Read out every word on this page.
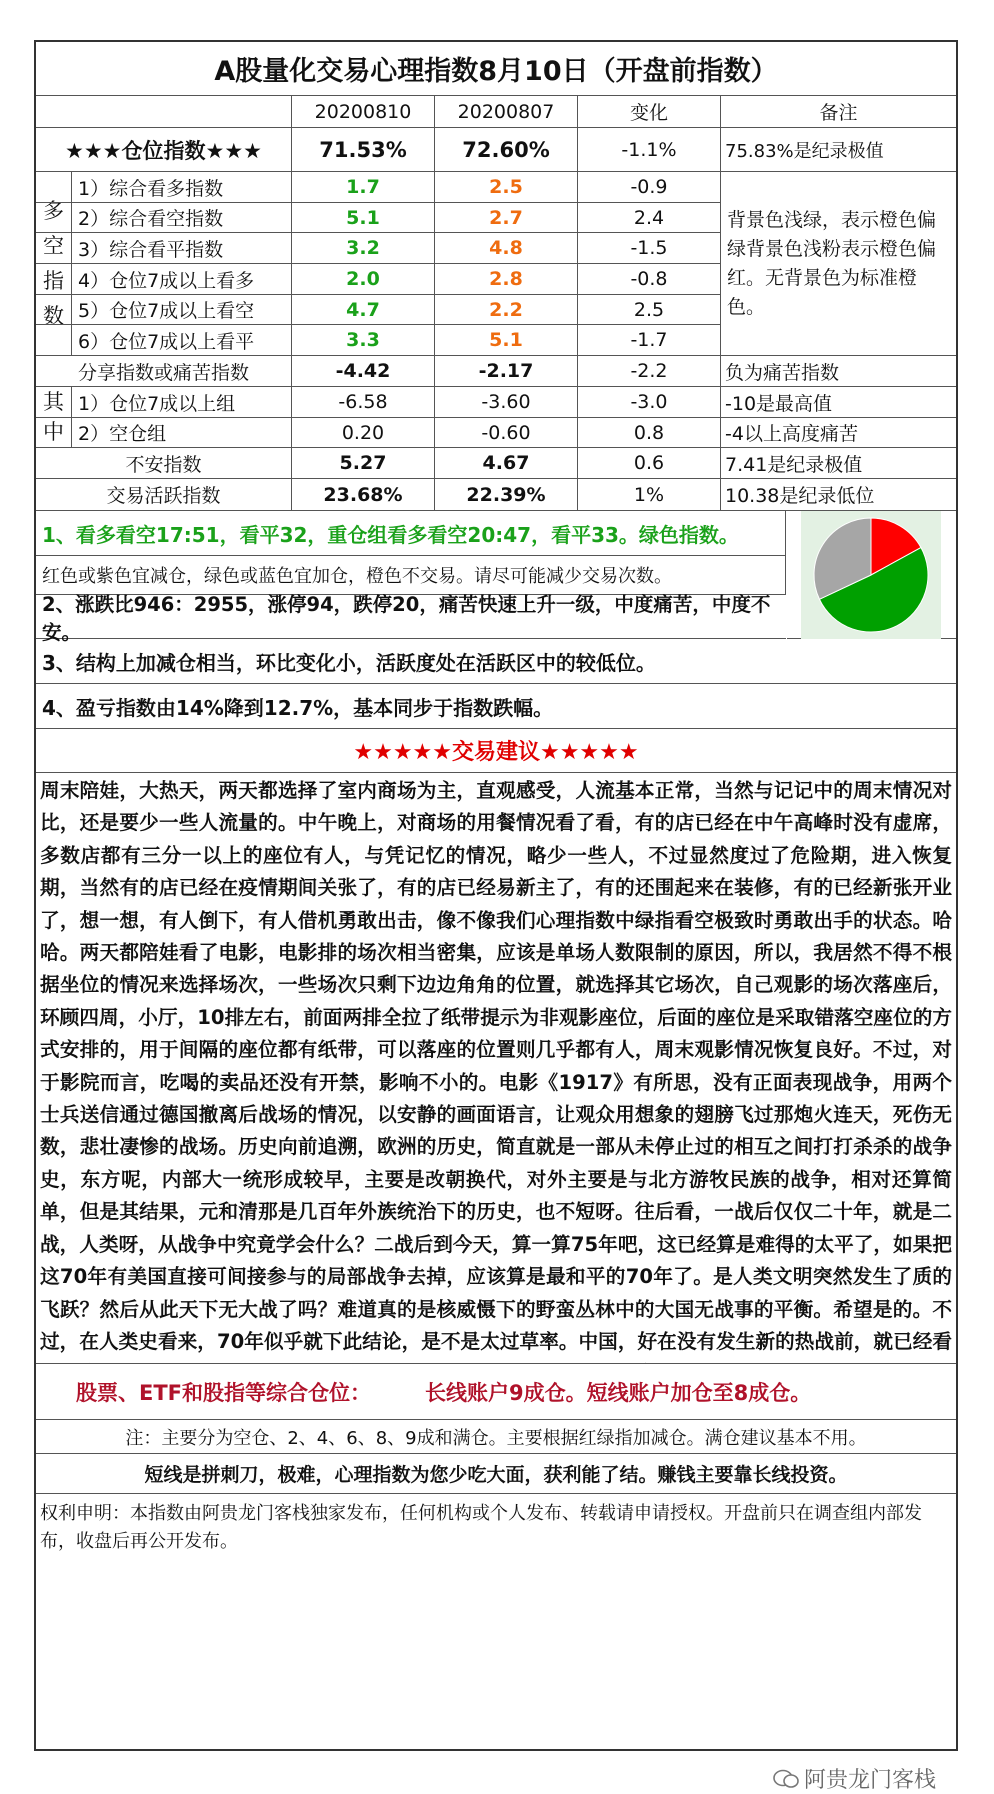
A股量化交易心理指数8月10日（开盘前指数）
20200810	20200807	变化	备注
★★★仓位指数★★★	71.53%	72.60%	-1.1%	75.83%是纪录极值
多
空
指
数
背景色浅绿，表示橙色偏绿背景色浅粉表示橙色偏红。无背景色为标准橙色。
1）综合看多指数	1.7	2.5	-0.9
2）综合看空指数	5.1	2.7	2.4
3）综合看平指数	3.2	4.8	-1.5
4）仓位7成以上看多	2.0	2.8	-0.8
5）仓位7成以上看空	4.7	2.2	2.5
6）仓位7成以上看平	3.3	5.1	-1.7
分享指数或痛苦指数	-4.42	-2.17	-2.2	负为痛苦指数
其
中
1）仓位7成以上组	-6.58	-3.60	-3.0	-10是最高值
2）空仓组	0.20	-0.60	0.8	-4以上高度痛苦
不安指数	5.27	4.67	0.6	7.41是纪录极值
交易活跃指数	23.68%	22.39%	1%	10.38是纪录低位
1、看多看空17:51，看平32，重仓组看多看空20:47，看平33。绿色指数。
红色或紫色宜减仓，绿色或蓝色宜加仓，橙色不交易。请尽可能减少交易次数。
2、涨跌比946：2955，涨停94，跌停20，痛苦快速上升一级，中度痛苦，中度不安。
3、结构上加减仓相当，环比变化小，活跃度处在活跃区中的较低位。
4、盈亏指数由14%降到12.7%，基本同步于指数跌幅。
★★★★★交易建议★★★★★
周末陪娃，大热天，两天都选择了室内商场为主，直观感受，人流基本正常，当然与记记中的周末情况对比，还是要少一些人流量的。中午晚上，对商场的用餐情况看了看，有的店已经在中午高峰时没有虚席，多数店都有三分一以上的座位有人，与凭记忆的情况，略少一些人，不过显然度过了危险期，进入恢复期，当然有的店已经在疫情期间关张了，有的店已经易新主了，有的还围起来在装修，有的已经新张开业了，想一想，有人倒下，有人借机勇敢出击，像不像我们心理指数中绿指看空极致时勇敢出手的状态。哈哈。两天都陪娃看了电影，电影排的场次相当密集，应该是单场人数限制的原因，所以，我居然不得不根据坐位的情况来选择场次，一些场次只剩下边边角角的位置，就选择其它场次，自己观影的场次落座后，环顾四周，小厅，10排左右，前面两排全拉了纸带提示为非观影座位，后面的座位是采取错落空座位的方式安排的，用于间隔的座位都有纸带，可以落座的位置则几乎都有人，周末观影情况恢复良好。不过，对于影院而言，吃喝的卖品还没有开禁，影响不小的。电影《1917》有所思，没有正面表现战争，用两个士兵送信通过德国撤离后战场的情况，以安静的画面语言，让观众用想象的翅膀飞过那炮火连天，死伤无数，悲壮凄惨的战场。历史向前追溯，欧洲的历史，简直就是一部从未停止过的相互之间打打杀杀的战争史，东方呢，内部大一统形成较早，主要是改朝换代，对外主要是与北方游牧民族的战争，相对还算简单，但是其结果，元和清那是几百年外族统治下的历史，也不短呀。往后看，一战后仅仅二十年，就是二战，人类呀，从战争中究竟学会什么？二战后到今天，算一算75年吧，这已经算是难得的太平了，如果把这70年有美国直接可间接参与的局部战争去掉，应该算是最和平的70年了。是人类文明突然发生了质的飞跃？然后从此天下无大战了吗？难道真的是核威慑下的野蛮丛林中的大国无战事的平衡。希望是的。不过，在人类史看来，70年似乎就下此结论，是不是太过草率。中国，好在没有发生新的热战前，就已经看
股票、ETF和股指等综合仓位：	长线账户9成仓。短线账户加仓至8成仓。
注：主要分为空仓、2、4、6、8、9成和满仓。主要根据红绿指加减仓。满仓建议基本不用。
短线是拼刺刀，极难，心理指数为您少吃大面，获利能了结。赚钱主要靠长线投资。
权利申明：本指数由阿贵龙门客栈独家发布，任何机构或个人发布、转载请申请授权。开盘前只在调查组内部发布，收盘后再公开发布。
阿贵龙门客栈
